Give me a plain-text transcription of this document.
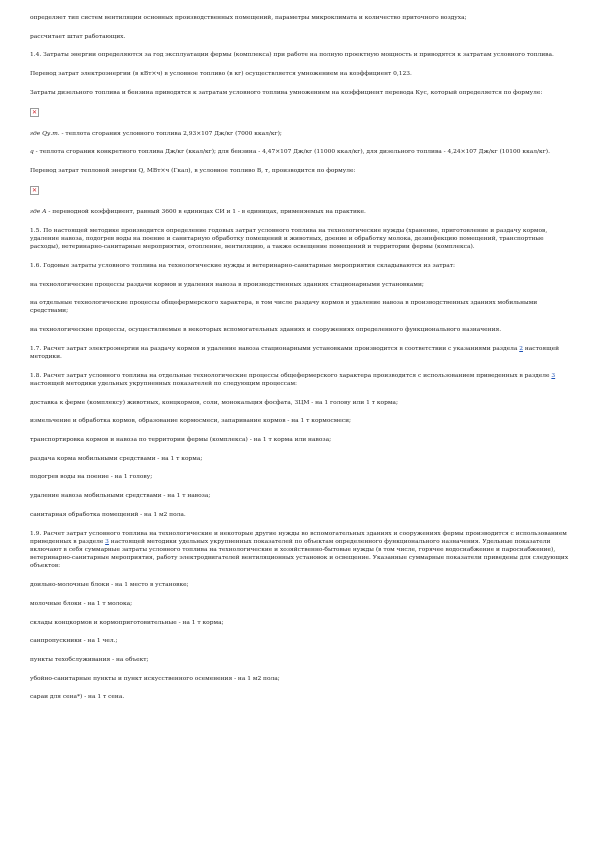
определяет тип систем вентиляции основных производственных помещений, параметры микроклимата и количество приточного воздуха;

рассчитает штат работающих.

1.4. Затраты энергии определяются за год эксплуатации фермы (комплекса) при работе на полную проектную мощность и приводятся к затратам условного топлива.

Перевод затрат электроэнергии (в кВт×ч) в условное топливо (в кг) осуществляется умножением на коэффициент 0,123.

Затраты дизельного топлива и бензина приводятся к затратам условного топлива умножением на коэффициент перевода Кус, который определяется по формуле:

✕

где Qу.т. - теплота сгорания условного топлива 2,93×107 Дж/кг (7000 ккал/кг);

q - теплота сгорания конкретного топлива Дж/кг (ккал/кг); для бензина - 4,47×107 Дж/кг (11000 ккал/кг), для дизельного топлива - 4,24×107 Дж/кг (10100 ккал/кг).

Перевод затрат тепловой энергии Q, МВт×ч (Гкал), в условное топливо В, т, производится по формуле:

✕

где А - переводной коэффициент, равный 3600 в единицах СИ и 1 - в единицах, применяемых на практике.

1.5. По настоящей методике производится определение годовых затрат условного топлива на технологические нужды (хранение, приготовление и раздачу кормов, удаление навоза, подогрев воды на поение и санитарную обработку помещений и животных, доение и обработку молока, дезинфекцию помещений, транспортные расходы), ветеринарно-санитарные мероприятия, отопление, вентиляцию, а также освещение помещений и территории фермы (комплекса).

1.6. Годовые затраты условного топлива на технологические нужды и ветеринарно-санитарные мероприятия складываются из затрат:

на технологические процессы раздачи кормов и удаления навоза в производственных зданиях стационарными установками;

на отдельные технологические процессы общефермерского характера, в том числе раздачу кормов и удаление навоза в производственных зданиях мобильными средствами;

на технологические процессы, осуществляемые в некоторых вспомогательных зданиях и сооружениях определенного функционального назначения.

1.7. Расчет затрат электроэнергии на раздачу кормов и удаление навоза стационарными установками производится в соответствии с указаниями раздела 2 настоящей методики.

1.8. Расчет затрат условного топлива на отдельные технологические процессы общефермерского характера производится с использованием приведенных в разделе 3 настоящей методики удельных укрупненных показателей по следующим процессам:

доставка к ферме (комплексу) животных, концкормов, соли, монокальция фосфата, ЗЦМ - на 1 голову или 1 т корма;

измельчение и обработка кормов, образование кормосмеси, запаривание кормов - на 1 т кормосмеси;

транспортировка кормов и навоза по территории фермы (комплекса) - на 1 т корма или навоза;

раздача корма мобильными средствами - на 1 т корма;

подогрев воды на поение - на 1 голову;

удаление навоза мобильными средствами - на 1 т навоза;

санитарная обработка помещений - на 1 м2 пола.

1.9. Расчет затрат условного топлива на технологические и некоторые другие нужды во вспомогательных зданиях и сооружениях фермы производится с использованием приведенных в разделе 3 настоящей методики удельных укрупненных показателей по объектам определенного функционального назначения. Удельные показатели включают в себя суммарные затраты условного топлива на технологические и хозяйственно-бытовые нужды (в том числе, горячее водоснабжение и пароснабжение), ветеринарно-санитарные мероприятия, работу электродвигателей вентиляционных установок и освещение. Указанные суммарные показатели приведены для следующих объектов:

доильно-молочные блоки - на 1 место в установке;

молочные блоки - на 1 т молока;

склады концкормов и кормоприготовительные - на 1 т корма;

санпропускники - на 1 чел.;

пункты техобслуживания - на объект;

убойно-санитарные пункты и пункт искусственного осеменения - на 1 м2 пола;

сараи для сена*) - на 1 т сена.
